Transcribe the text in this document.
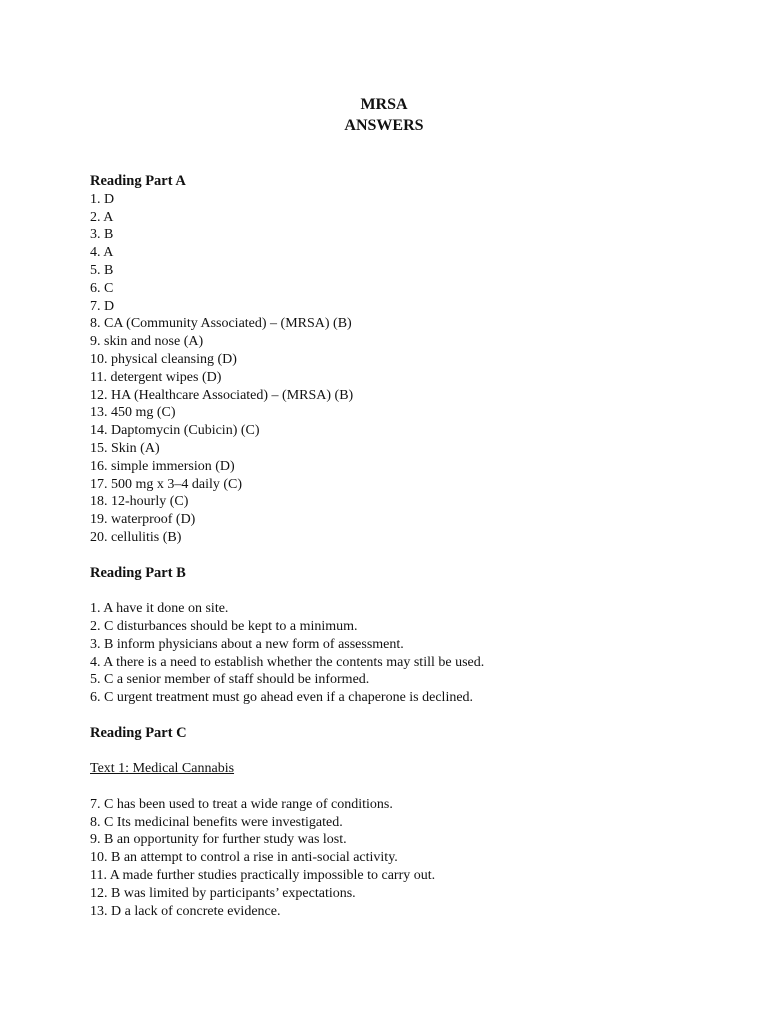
MRSA
ANSWERS

Reading Part A

1. D

2. A

3. B

4. A

5. B

6. C

7. D

8. CA (Community Associated) – (MRSA) (B)

9. skin and nose (A)

10. physical cleansing (D)

11. detergent wipes (D)

12. HA (Healthcare Associated) – (MRSA) (B)

13. 450 mg (C)

14. Daptomycin (Cubicin) (C)

15. Skin (A)

16. simple immersion (D)

17. 500 mg x 3–4 daily (C)

18. 12-hourly (C)

19. waterproof (D)

20. cellulitis (B)

Reading Part B

1. A have it done on site.

2. C disturbances should be kept to a minimum.

3. B inform physicians about a new form of assessment.

4. A there is a need to establish whether the contents may still be used.

5. C a senior member of staff should be informed.

6. C urgent treatment must go ahead even if a chaperone is declined.

Reading Part C

Text 1: Medical Cannabis

7. C has been used to treat a wide range of conditions.

8. C Its medicinal benefits were investigated.

9. B an opportunity for further study was lost.

10. B an attempt to control a rise in anti-social activity.

11. A made further studies practically impossible to carry out.

12. B was limited by participants’ expectations.

13. D a lack of concrete evidence.
